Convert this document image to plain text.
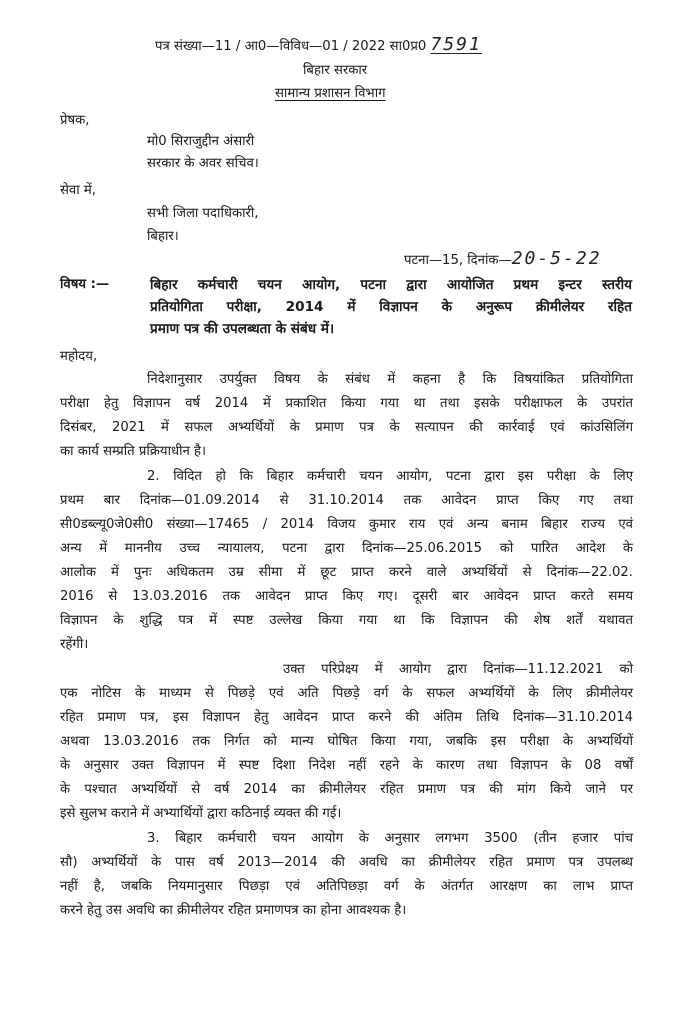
पत्र संख्या—11 / आ0—विविध—01 / 2022 सा0प्र0 7591
बिहार सरकार
सामान्य प्रशासन विभाग
प्रेषक,
मो0 सिराजुद्दीन अंसारी
सरकार के अवर सचिव।
सेवा में,
सभी जिला पदाधिकारी,
बिहार।
पटना—15, दिनांक—20-5-22
विषय :—	बिहार कर्मचारी चयन आयोग, पटना द्वारा आयोजित प्रथम इन्टर स्तरीय
प्रतियोगिता परीक्षा, 2014 में विज्ञापन के अनुरूप क्रीमीलेयर रहित
प्रमाण पत्र की उपलब्धता के संबंध में।
महोदय,
निदेशानुसार उपर्युक्त विषय के संबंध में कहना है कि विषयांकित प्रतियोगिता
परीक्षा हेतु विज्ञापन वर्ष 2014 में प्रकाशित किया गया था तथा इसके परीक्षाफल के उपरांत
दिसंबर, 2021 में सफल अभ्यर्थियों के प्रमाण पत्र के सत्यापन की कार्रवाई एवं कांउसिलिंग
का कार्य सम्प्रति प्रक्रियाधीन है।
2. विदित हो कि बिहार कर्मचारी चयन आयोग, पटना द्वारा इस परीक्षा के लिए
प्रथम बार दिनांक—01.09.2014 से 31.10.2014 तक आवेदन प्राप्त किए गए तथा
सी0डब्ल्यू0जे0सी0 संख्या—17465 / 2014 विजय कुमार राय एवं अन्य बनाम बिहार राज्य एवं
अन्य में माननीय उच्च न्यायालय, पटना द्वारा दिनांक—25.06.2015 को पारित आदेश के
आलोक में पुनः अधिकतम उम्र सीमा में छूट प्राप्त करने वाले अभ्यर्थियों से दिनांक—22.02.
2016 से 13.03.2016 तक आवेदन प्राप्त किए गए। दूसरी बार आवेदन प्राप्त करते समय
विज्ञापन के शुद्धि पत्र में स्पष्ट उल्लेख किया गया था कि विज्ञापन की शेष शर्तें यथावत
रहेंगी।
उक्त परिप्रेक्ष्य में आयोग द्वारा दिनांक—11.12.2021 को
एक नोटिस के माध्यम से पिछड़े एवं अति पिछड़े वर्ग के सफल अभ्यर्थियों के लिए क्रीमीलेयर
रहित प्रमाण पत्र, इस विज्ञापन हेतु आवेदन प्राप्त करने की अंतिम तिथि दिनांक—31.10.2014
अथवा 13.03.2016 तक निर्गत को मान्य घोषित किया गया, जबकि इस परीक्षा के अभ्यर्थियों
के अनुसार उक्त विज्ञापन में स्पष्ट दिशा निदेश नहीं रहने के कारण तथा विज्ञापन के 08 वर्षों
के पश्चात अभ्यर्थियों से वर्ष 2014 का क्रीमीलेयर रहित प्रमाण पत्र की मांग किये जाने पर
इसे सुलभ कराने में अभ्यार्थियों द्वारा कठिनाई व्यक्त की गई।
3. बिहार कर्मचारी चयन आयोग के अनुसार लगभग 3500 (तीन हजार पांच
सौ) अभ्यर्थियों के पास वर्ष 2013—2014 की अवधि का क्रीमीलेयर रहित प्रमाण पत्र उपलब्ध
नहीं है, जबकि नियमानुसार पिछड़ा एवं अतिपिछड़ा वर्ग के अंतर्गत आरक्षण का लाभ प्राप्त
करने हेतु उस अवधि का क्रीमीलेयर रहित प्रमाणपत्र का होना आवश्यक है।
